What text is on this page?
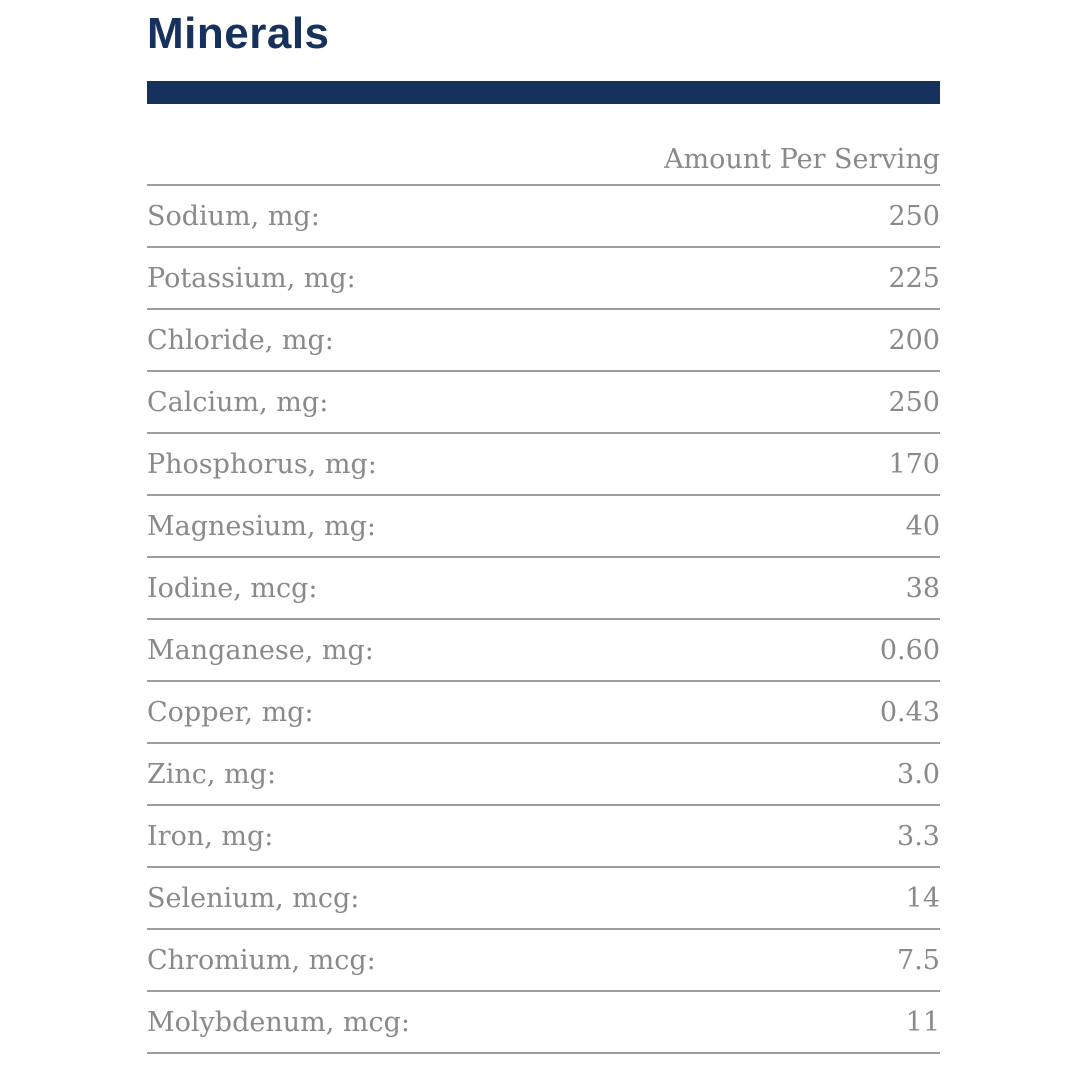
Minerals
Amount Per Serving	
Sodium, mg:	250
Potassium, mg:	225
Chloride, mg:	200
Calcium, mg:	250
Phosphorus, mg:	170
Magnesium, mg:	40
Iodine, mcg:	38
Manganese, mg:	0.60
Copper, mg:	0.43
Zinc, mg:	3.0
Iron, mg:	3.3
Selenium, mcg:	14
Chromium, mcg:	7.5
Molybdenum, mcg:	11
